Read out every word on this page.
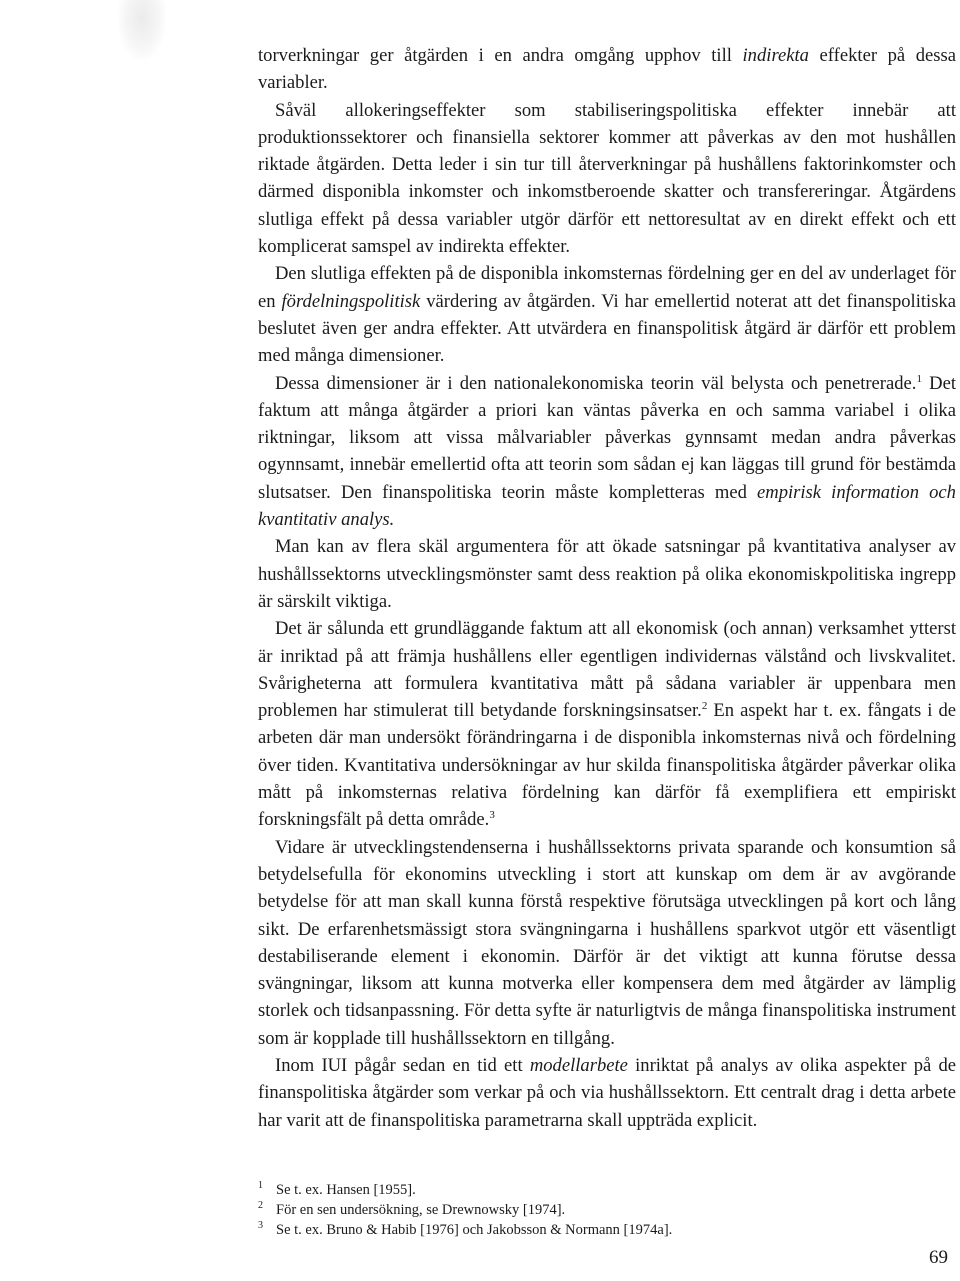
torverkningar ger åtgärden i en andra omgång upphov till indirekta effekter på dessa variabler.

Såväl allokeringseffekter som stabiliseringspolitiska effekter innebär att produktionssektorer och finansiella sektorer kommer att påverkas av den mot hushållen riktade åtgärden. Detta leder i sin tur till återverkningar på hushållens faktorinkomster och därmed disponibla inkomster och inkomstberoende skatter och transfereringar. Åtgärdens slutliga effekt på dessa variabler utgör därför ett nettoresultat av en direkt effekt och ett komplicerat samspel av indirekta effekter.

Den slutliga effekten på de disponibla inkomsternas fördelning ger en del av underlaget för en fördelningspolitisk värdering av åtgärden. Vi har emellertid noterat att det finanspolitiska beslutet även ger andra effekter. Att utvärdera en finanspolitisk åtgärd är därför ett problem med många dimensioner.

Dessa dimensioner är i den nationalekonomiska teorin väl belysta och penetrerade.$^1$ Det faktum att många åtgärder a priori kan väntas påverka en och samma variabel i olika riktningar, liksom att vissa målvariabler påverkas gynnsamt medan andra påverkas ogynnsamt, innebär emellertid ofta att teorin som sådan ej kan läggas till grund för bestämda slutsatser. Den finanspolitiska teorin måste kompletteras med empirisk information och kvantitativ analys.

Man kan av flera skäl argumentera för att ökade satsningar på kvantitativa analyser av hushållssektorns utvecklingsmönster samt dess reaktion på olika ekonomiskpolitiska ingrepp är särskilt viktiga.

Det är sålunda ett grundläggande faktum att all ekonomisk (och annan) verksamhet ytterst är inriktad på att främja hushållens eller egentligen individernas välstånd och livskvalitet. Svårigheterna att formulera kvantitativa mått på sådana variabler är uppenbara men problemen har stimulerat till betydande forskningsinsatser.$^2$ En aspekt har t. ex. fångats i de arbeten där man undersökt förändringarna i de disponibla inkomsternas nivå och fördelning över tiden. Kvantitativa undersökningar av hur skilda finanspolitiska åtgärder påverkar olika mått på inkomsternas relativa fördelning kan därför få exemplifiera ett empiriskt forskningsfält på detta område.$^3$

Vidare är utvecklingstendenserna i hushållssektorns privata sparande och konsumtion så betydelsefulla för ekonomins utveckling i stort att kunskap om dem är av avgörande betydelse för att man skall kunna förstå respektive förutsäga utvecklingen på kort och lång sikt. De erfarenhetsmässigt stora svängningarna i hushållens sparkvot utgör ett väsentligt destabiliserande element i ekonomin. Därför är det viktigt att kunna förutse dessa svängningar, liksom att kunna motverka eller kompensera dem med åtgärder av lämplig storlek och tidsanpassning. För detta syfte är naturligtvis de många finanspolitiska instrument som är kopplade till hushållssektorn en tillgång.

Inom IUI pågår sedan en tid ett modellarbete inriktat på analys av olika aspekter på de finanspolitiska åtgärder som verkar på och via hushållssektorn. Ett centralt drag i detta arbete har varit att de finanspolitiska parametrarna skall uppträda explicit.

1 Se t. ex. Hansen [1955].
2 För en sen undersökning, se Drewnowsky [1974].
3 Se t. ex. Bruno & Habib [1976] och Jakobsson & Normann [1974a].
69
